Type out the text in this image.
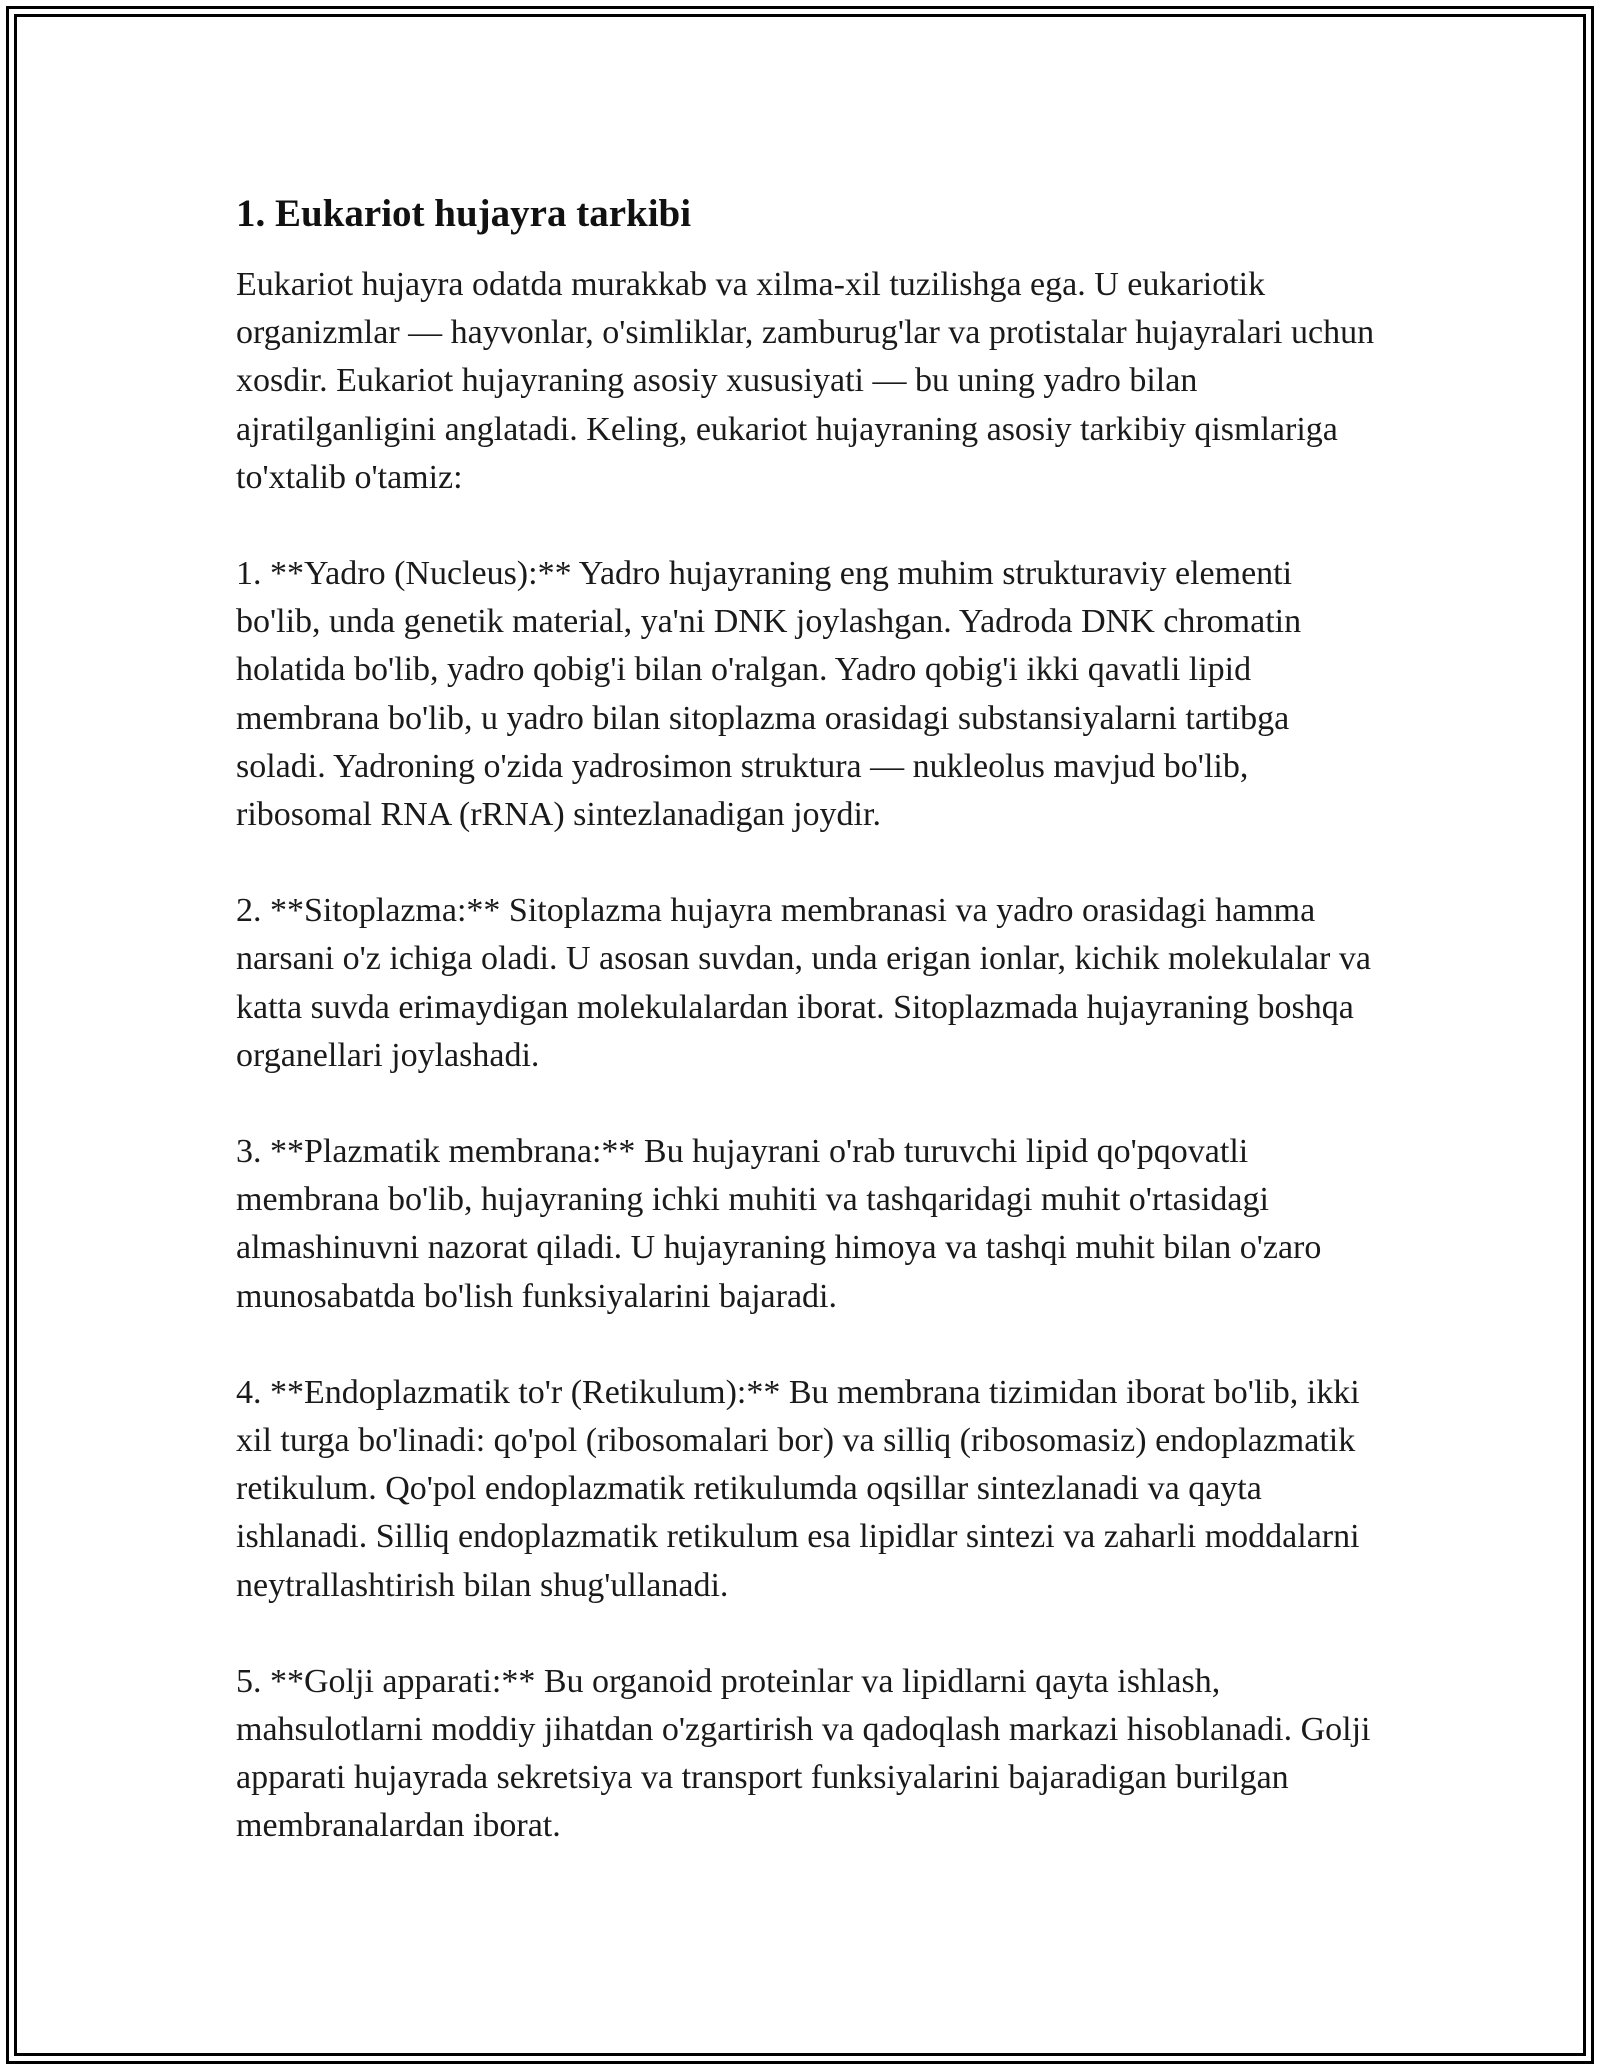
1. Eukariot hujayra tarkibi

Eukariot hujayra odatda murakkab va xilma-xil tuzilishga ega. U eukariotik organizmlar — hayvonlar, o'simliklar, zamburug'lar va protistalar hujayralari uchun xosdir. Eukariot hujayraning asosiy xususiyati — bu uning yadro bilan ajratilganligini anglatadi. Keling, eukariot hujayraning asosiy tarkibiy qismlariga to'xtalib o'tamiz:

1. **Yadro (Nucleus):** Yadro hujayraning eng muhim strukturaviy elementi bo'lib, unda genetik material, ya'ni DNK joylashgan. Yadroda DNK chromatin holatida bo'lib, yadro qobig'i bilan o'ralgan. Yadro qobig'i ikki qavatli lipid membrana bo'lib, u yadro bilan sitoplazma orasidagi substansiyalarni tartibga soladi. Yadroning o'zida yadrosimon struktura — nukleolus mavjud bo'lib, ribosomal RNA (rRNA) sintezlanadigan joydir.

2. **Sitoplazma:** Sitoplazma hujayra membranasi va yadro orasidagi hamma narsani o'z ichiga oladi. U asosan suvdan, unda erigan ionlar, kichik molekulalar va katta suvda erimaydigan molekulalardan iborat. Sitoplazmada hujayraning boshqa organellari joylashadi.

3. **Plazmatik membrana:** Bu hujayrani o'rab turuvchi lipid qo'pqovatli membrana bo'lib, hujayraning ichki muhiti va tashqaridagi muhit o'rtasidagi almashinuvni nazorat qiladi. U hujayraning himoya va tashqi muhit bilan o'zaro munosabatda bo'lish funksiyalarini bajaradi.

4. **Endoplazmatik to'r (Retikulum):** Bu membrana tizimidan iborat bo'lib, ikki xil turga bo'linadi: qo'pol (ribosomalari bor) va silliq (ribosomasiz) endoplazmatik retikulum. Qo'pol endoplazmatik retikulumda oqsillar sintezlanadi va qayta ishlanadi. Silliq endoplazmatik retikulum esa lipidlar sintezi va zaharli moddalarni neytrallashtirish bilan shug'ullanadi.

5. **Golji apparati:** Bu organoid proteinlar va lipidlarni qayta ishlash, mahsulotlarni moddiy jihatdan o'zgartirish va qadoqlash markazi hisoblanadi. Golji apparati hujayrada sekretsiya va transport funksiyalarini bajaradigan burilgan membranalardan iborat.
